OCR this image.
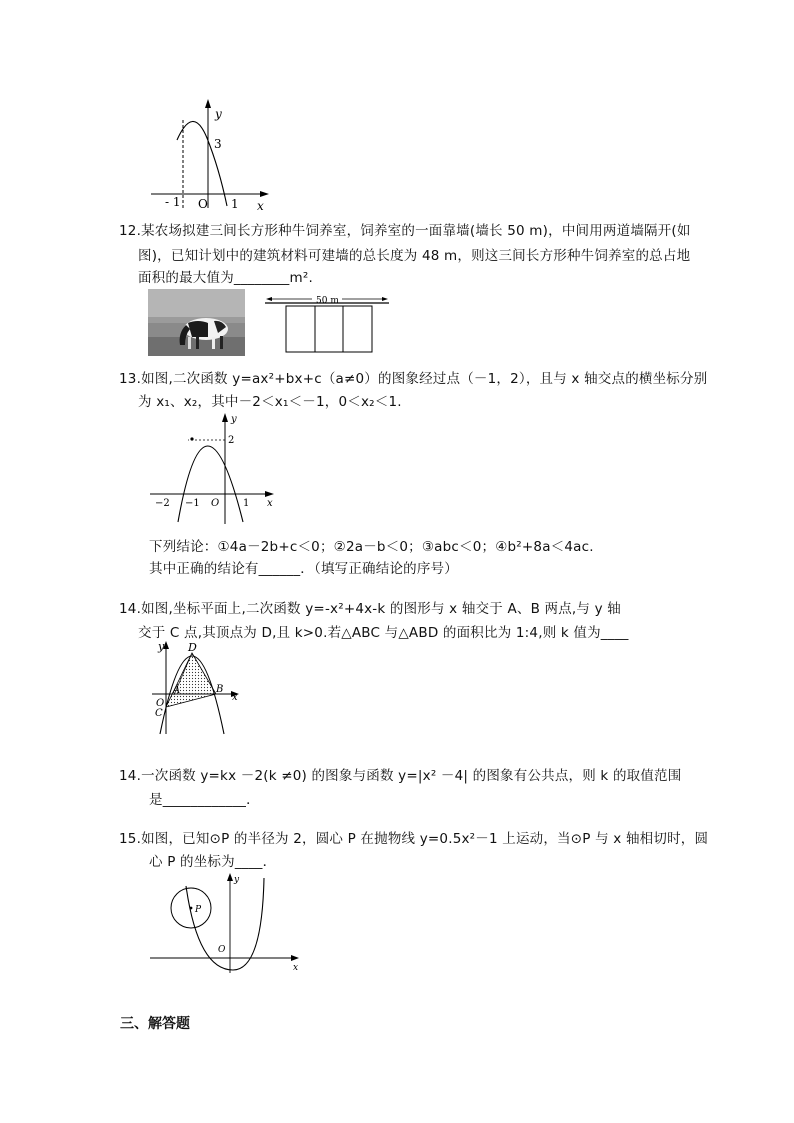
y
3
- 1 O 1 x
12.某农场拟建三间长方形种牛饲养室，饲养室的一面靠墙(墙长 50 m)，中间用两道墙隔开(如
图)，已知计划中的建筑材料可建墙的总长度为 48 m，则这三间长方形种牛饲养室的总占地
面积的最大值为________m².
50 m
13.如图,二次函数 y=ax²+bx+c（a≠0）的图象经过点（－1，2），且与 x 轴交点的横坐标分别
为 x₁、x₂，其中－2＜x₁＜－1，0＜x₂＜1.
y
2
−2 −1 O 1 x
下列结论：①4a－2b+c＜0；②2a－b＜0；③abc＜0；④b²+8a＜4ac.
其中正确的结论有______．（填写正确结论的序号）
14.如图,坐标平面上,二次函数 y=-x²+4x-k 的图形与 x 轴交于 A、B 两点,与 y 轴
交于 C 点,其顶点为 D,且 k>0.若△ABC 与△ABD 的面积比为 1:4,则 k 值为____
y D
A	B
O
C
x
14.一次函数 y=kx －2(k ≠0) 的图象与函数 y=|x² －4| 的图象有公共点，则 k 的取值范围
是____________．
15.如图，已知⊙P 的半径为 2，圆心 P 在抛物线 y=0.5x²－1 上运动，当⊙P 与 x 轴相切时，圆
心 P 的坐标为____．
y
P
O
x
三、解答题
